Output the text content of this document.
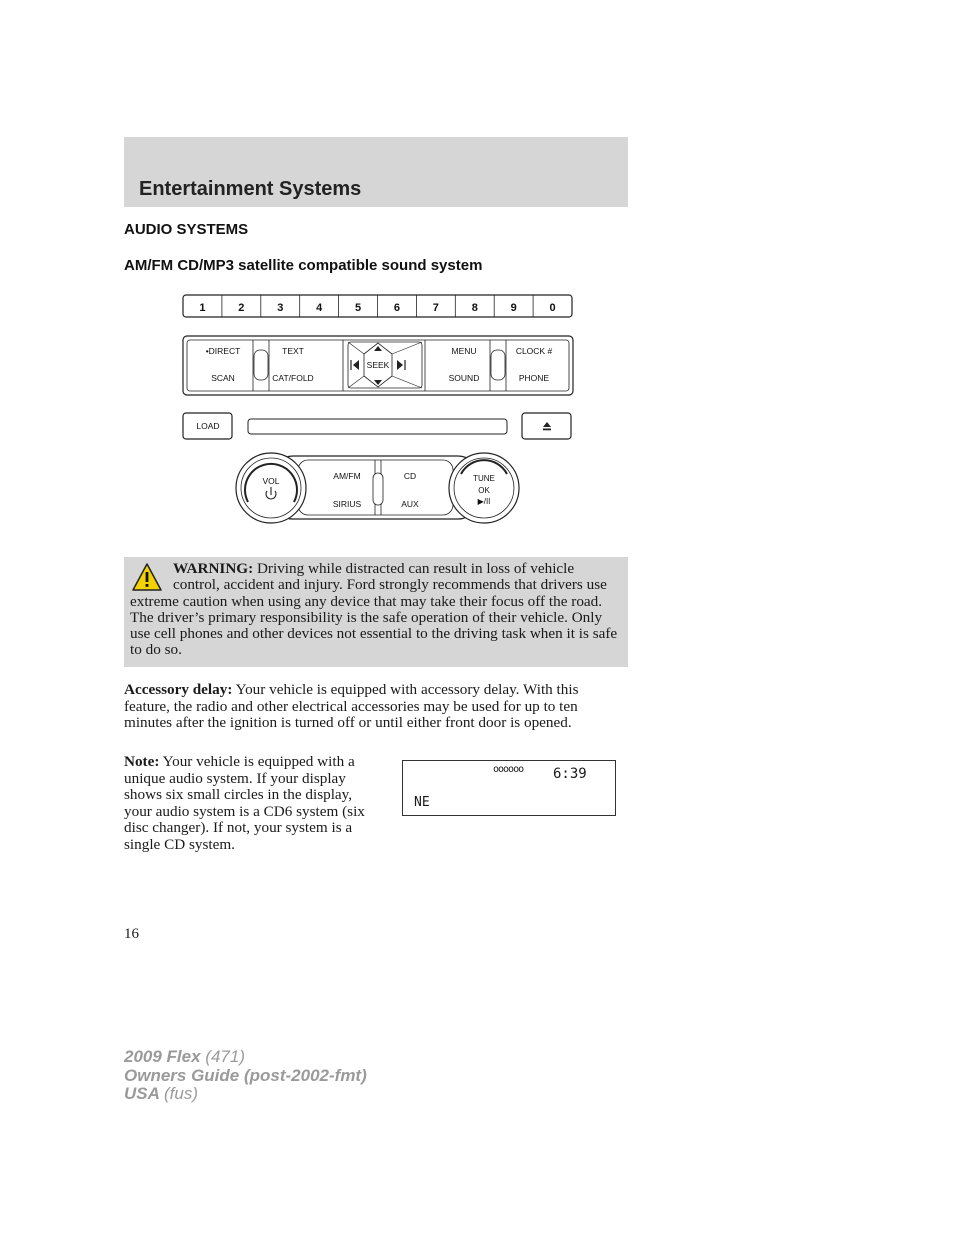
Entertainment Systems
AUDIO SYSTEMS
AM/FM CD/MP3 satellite compatible sound system
1	2	3	4	5	6	7	8	9	0
•DIRECT
SCAN
TEXT
CAT/FOLD
SEEK
MENU
SOUND
CLOCK #
PHONE
LOAD
AM/FM	CD
SIRIUS	AUX
VOL	TUNE
OK
▶/II
WARNING: Driving while distracted can result in loss of vehicle
control, accident and injury. Ford strongly recommends that drivers use extreme caution when using any device that may take their focus off the road. The driver’s primary responsibility is the safe operation of their vehicle. Only use cell phones and other devices not essential to the driving task when it is safe to do so.
Accessory delay: Your vehicle is equipped with accessory delay. With this feature, the radio and other electrical accessories may be used for up to ten minutes after the ignition is turned off or until either front door is opened.
Note: Your vehicle is equipped with a unique audio system. If your display shows six small circles in the display, your audio system is a CD6 system (six disc changer). If not, your system is a single CD system.
oooooo 6:39
NE
16
2009 Flex (471)
Owners Guide (post-2002-fmt)
USA (fus)
